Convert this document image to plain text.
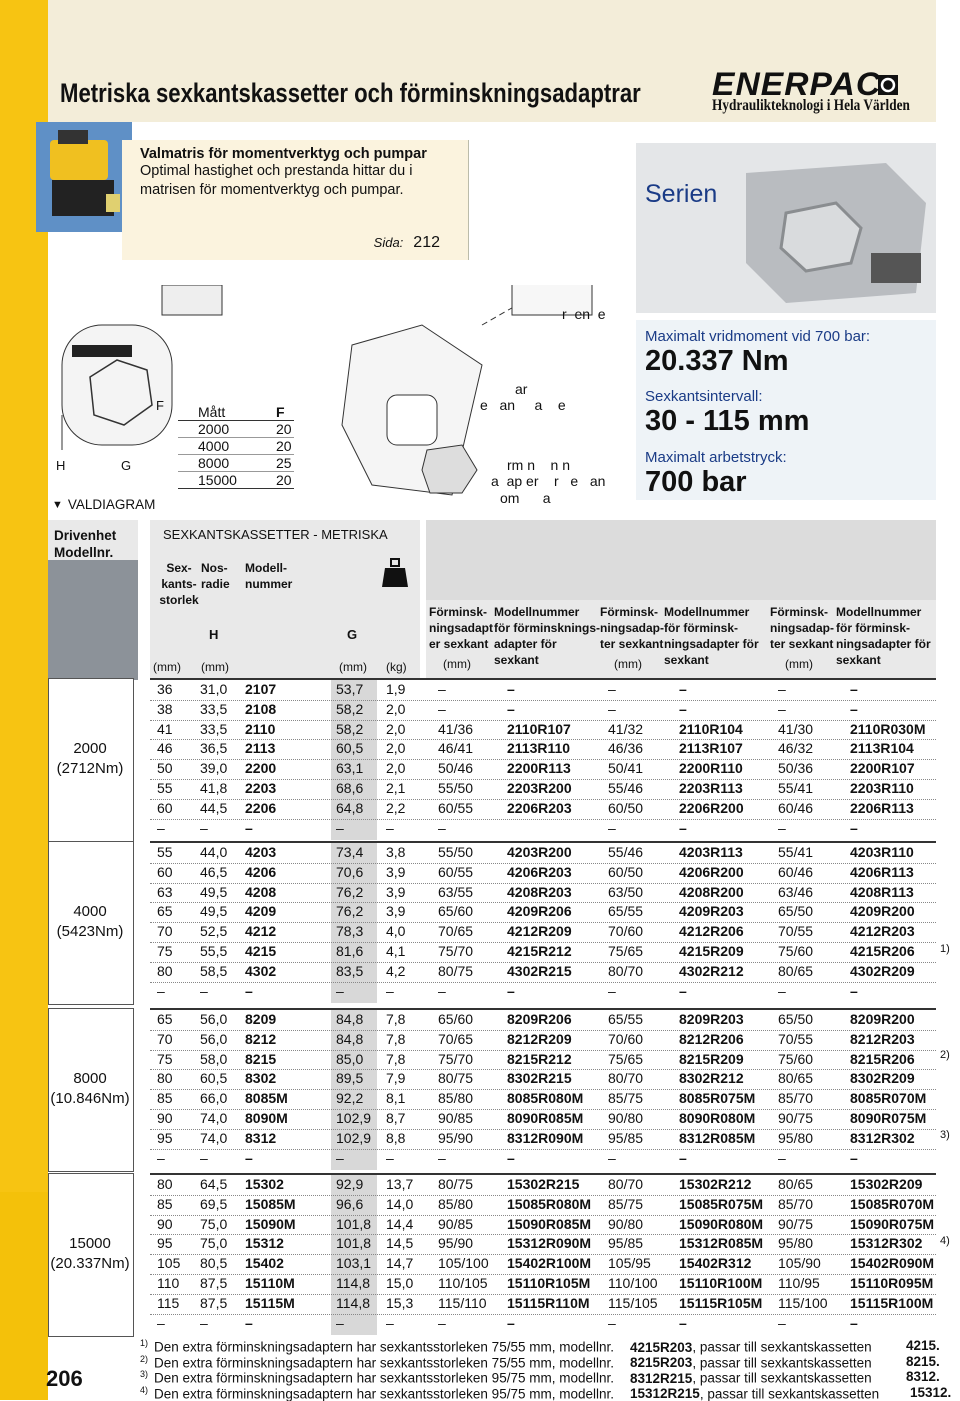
Metriska sexkantskassetter och förminskningsadaptrar ENERPAC
Hydraulikteknologi i Hela Världen
Valmatris för momentverktyg och pumpar
Optimal hastighet och prestanda hittar du i
matrisen för momentverktyg och pumpar.
Sida: 212
Serien
H	G
F
r  en  e
ar
e   an     a    e
rm n    n n
a  ap er    r   e   an
om      a
Mått	F
2000	20
4000	20
8000	25
15000	20
▼ VALDIAGRAM
Maximalt vridmoment vid 700 bar:
20.337 Nm
Sexkantsintervall:
30 - 115 mm
Maximalt arbetstryck:
700 bar
Drivenhet
Modellnr.
SEXKANTSKASSETTER - METRISKA
Sex-
kants-
storlek
Nos-
radie
Modell-
nummer
H	G
(mm) (mm)	(mm) (kg)
Förminsk-
ningsadapt
er sexkant
Modellnummer
för förminsknings-
adapter för
sexkant
Förminsk-
ningsadap-
ter sexkant
Modellnummer
för förminsk-
ningsadapter för
sexkant
Förminsk-
ningsadap-
ter sexkant
Modellnummer
för förminsk-
ningsadapter för
sexkant
(mm)	(mm)	(mm)
2000
(2712Nm)
36 31,0 2107	53,7 1,9 –	–	–	–	–	–
38 33,5 2108	58,2 2,0 –	–	–	–	–	–
41 33,5 2110	58,2 2,0 41/36 2110R107	41/32	2110R104	41/30	2110R030M
46 36,5 2113	60,5 2,0 46/41 2113R110	46/36	2113R107	46/32	2113R104
50 39,0 2200	63,1 2,0 50/46 2200R113	50/41	2200R110	50/36	2200R107
55 41,8 2203	68,6 2,1 55/50 2203R200	55/46	2203R113	55/41	2203R110
60 44,5 2206	64,8 2,2 60/55 2206R203	60/50	2206R200 60/46	2206R113
–	–	–	–	–	–	–	–	–	–
4000
(5423Nm)
55 44,0 4203	73,4 3,8 55/50 4203R200	55/46	4203R113	55/41	4203R110
60 46,5 4206	70,6 3,9 60/55 4206R203	60/50	4206R200 60/46	4206R113
63 49,5 4208	76,2 3,9 63/55 4208R203	63/50	4208R200 63/46	4208R113
65 49,5 4209	76,2 3,9 65/60 4209R206	65/55	4209R203 65/50	4209R200
70 52,5 4212	78,3 4,0 70/65 4212R209	70/60	4212R206 70/55	4212R203
75 55,5 4215	81,6 4,1 75/70 4215R212	75/65	4215R209 75/60	4215R206
80 58,5 4302	83,5 4,2 80/75 4302R215	80/70	4302R212 80/65	4302R209
–	–	–	–	–	–	–	–	–	–	–
8000
(10.846Nm)
65 56,0 8209	84,8 7,8 65/60 8209R206	65/55	8209R203 65/50	8209R200
70 56,0 8212	84,8 7,8 70/65 8212R209	70/60	8212R206 70/55	8212R203
75 58,0 8215	85,0 7,8 75/70 8215R212	75/65	8215R209 75/60	8215R206
80 60,5 8302	89,5 7,9 80/75 8302R215	80/70	8302R212 80/65	8302R209
85 66,0 8085M	92,2 8,1 85/80 8085R080M 85/75	8085R075M 85/70	8085R070M
90 74,0 8090M	102,9 8,7 90/85 8090R085M 90/80	8090R080M 90/75	8090R075M
95 74,0 8312	102,9 8,8 95/90 8312R090M 95/85	8312R085M 95/80	8312R302
–	–	–	–	–	–	–	–	–	–	–
15000
(20.337Nm)
80 64,5 15302	92,9 13,7 80/75 15302R215 80/70	15302R212 80/65	15302R209
85 69,5 15085M	96,6 14,0 85/80 15085R080M 85/75	15085R075M 85/70	15085R070M
90 75,0 15090M	101,8 14,4 90/85 15090R085M 90/80	15090R080M 90/75	15090R075M
95 75,0 15312	101,8 14,5 95/90 15312R090M 95/85	15312R085M 95/80	15312R302
105 80,5 15402	103,1 14,7 105/100 15402R100M 105/95 15402R312 105/90 15402R090M
110 87,5 15110M	114,8 15,0 110/105 15110R105M 110/100 15110R100M 110/95 15110R095M
115 87,5 15115M	114,8 15,3 115/110 15115R110M 115/105 15115R105M 115/100 15115R100M
–	–	–	–	–	–	–	–	–	–	–
1)
2)
3)
4)
$^{1)}$ Den extra förminskningsadaptern har sexkantsstorleken 75/55 mm, modellnr. 4215R203, passar till sexkantskassetten	4215.
$^{2)}$ Den extra förminskningsadaptern har sexkantsstorleken 75/55 mm, modellnr. 8215R203, passar till sexkantskassetten	8215.
$^{3)}$ Den extra förminskningsadaptern har sexkantsstorleken 95/75 mm, modellnr. 8312R215, passar till sexkantskassetten	8312.
$^{4)}$ Den extra förminskningsadaptern har sexkantsstorleken 95/75 mm, modellnr. 15312R215, passar till sexkantskassetten 15312.
206
